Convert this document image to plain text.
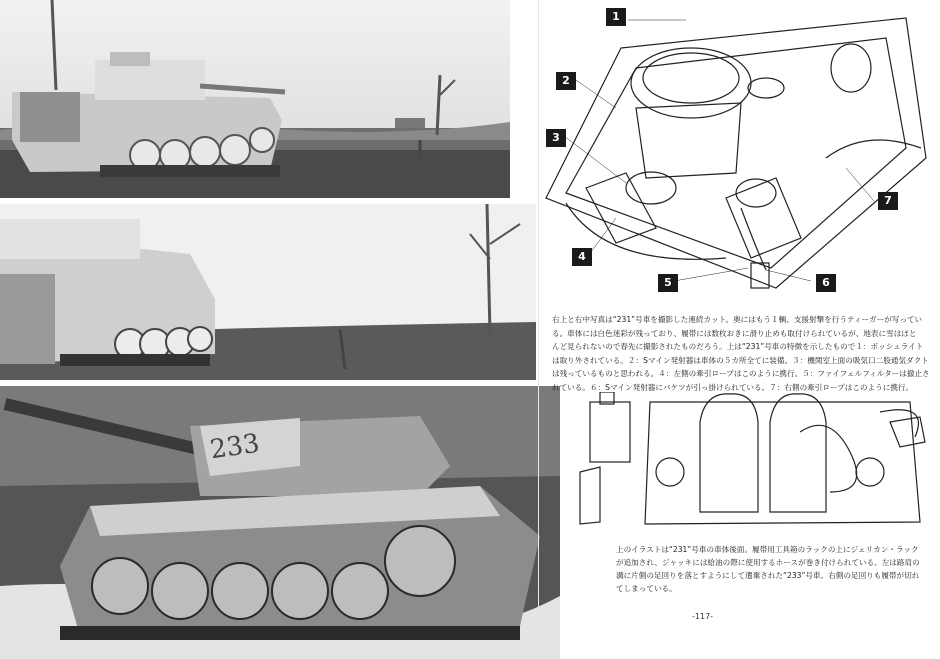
233
1
2
3
4
5	6
7
右上と右中写真は“231”号車を撮影した連続カット。奥にはもう１輌、支援射撃を行うティーガーが写ってい
る。車体には白色迷彩が残っており、履帯には数枚おきに滑り止めも取付けられているが、地表に雪はほと
んど見られないので春先に撮影されたものだろう。上は“231”号車の特徴を示したもので１：ボッシュライト
は取り外されている。２：Sマイン発射器は車体の５カ所全てに装備。３：機関室上面の吸気口二股通気ダクト
は残っているものと思われる。４：左側の牽引ロープはこのように携行。５：ファイフェルフィルターは撤止さ
れている。６：Sマイン発射器にバケツが引っ掛けられている。７：右側の牽引ロープはこのように携行。
上のイラストは“231”号車の車体後面。履帯用工具箱のラックの上にジェリカン・ラック
が追加され、ジャッキには給油の際に使用するホースが巻き付けられている。左は路肩の
溝に片側の足回りを落とすようにして遺棄された“233”号車。右側の足回りも履帯が切れ
てしまっている。
-117-
